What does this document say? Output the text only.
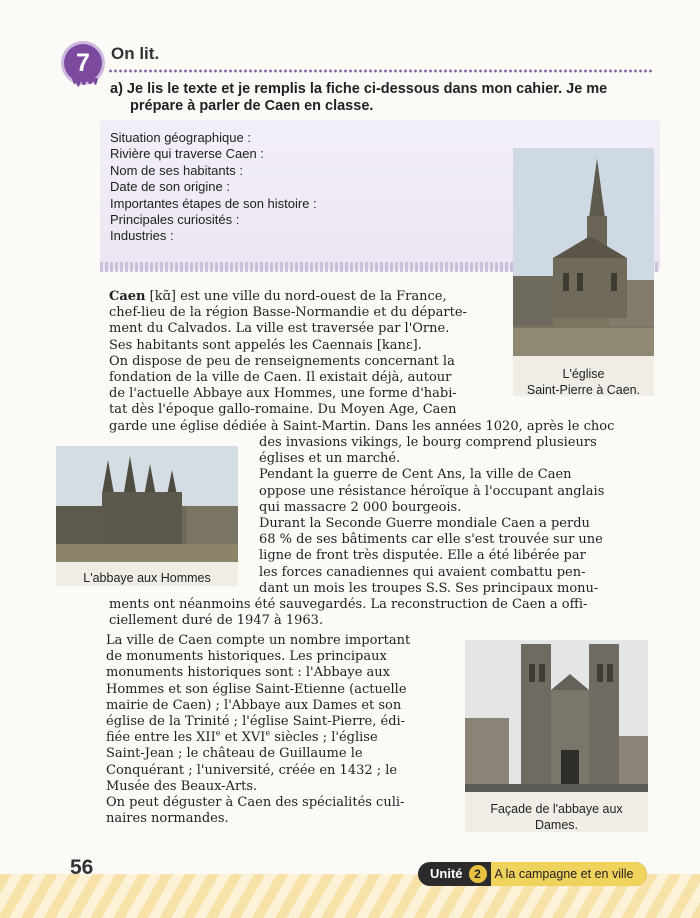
7	On lit.
a) Je lis le texte et je remplis la fiche ci-dessous dans mon cahier. Je me
prépare à parler de Caen en classe.
Situation géographique :
Rivière qui traverse Caen :
Nom de ses habitants :
Date de son origine :
Importantes étapes de son histoire :
Principales curiosités :
Industries :
L'église
Saint-Pierre à Caen.
L'abbaye aux Hommes
Façade de l'abbaye aux
Dames.
Caen [kɑ̃] est une ville du nord-ouest de la France,
chef-lieu de la région Basse-Normandie et du départe-
ment du Calvados. La ville est traversée par l'Orne.
Ses habitants sont appelés les Caennais [kanɛ].
On dispose de peu de renseignements concernant la
fondation de la ville de Caen. Il existait déjà, autour
de l'actuelle Abbaye aux Hommes, une forme d'habi-
tat dès l'époque gallo-romaine. Du Moyen Age, Caen
garde une église dédiée à Saint-Martin. Dans les années 1020, après le choc
des invasions vikings, le bourg comprend plusieurs
églises et un marché.
Pendant la guerre de Cent Ans, la ville de Caen
oppose une résistance héroïque à l'occupant anglais
qui massacre 2 000 bourgeois.
Durant la Seconde Guerre mondiale Caen a perdu
68 % de ses bâtiments car elle s'est trouvée sur une
ligne de front très disputée. Elle a été libérée par
les forces canadiennes qui avaient combattu pen-
dant un mois les troupes S.S. Ses principaux monu-
ments ont néanmoins été sauvegardés. La reconstruction de Caen a offi-
ciellement duré de 1947 à 1963.
La ville de Caen compte un nombre important
de monuments historiques. Les principaux
monuments historiques sont : l'Abbaye aux
Hommes et son église Saint-Etienne (actuelle
mairie de Caen) ; l'Abbaye aux Dames et son
église de la Trinité ; l'église Saint-Pierre, édi-
fiée entre les XIIe et XVIe siècles ; l'église
Saint-Jean ; le château de Guillaume le
Conquérant ; l'université, créée en 1432 ; le
Musée des Beaux-Arts.
On peut déguster à Caen des spécialités culi-
naires normandes.
56	Unité 2	A la campagne et en ville
